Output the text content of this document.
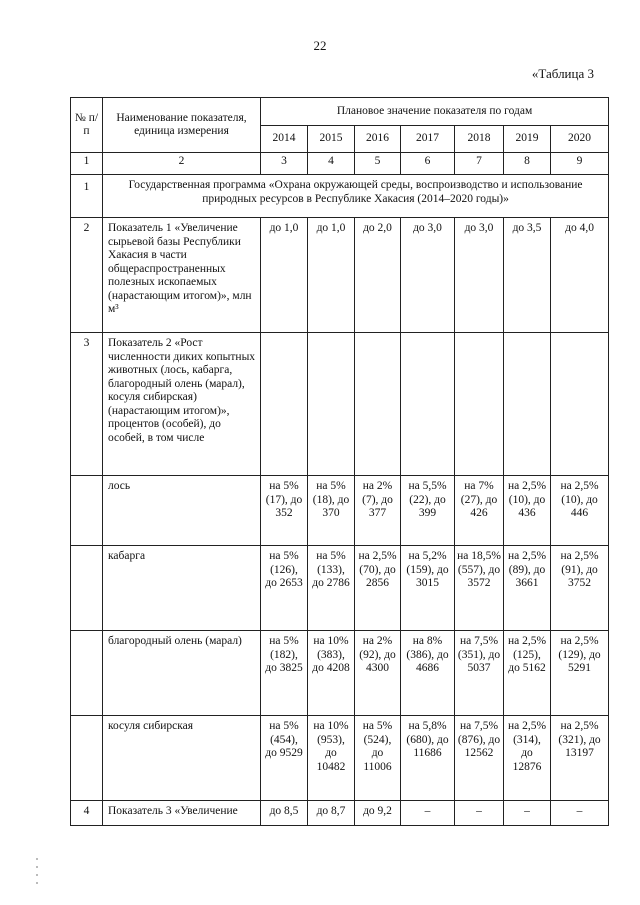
22
«Таблица 3
№ п/п	Наименование показателя, единица измерения	Плановое значение показателя по годам						
		2014	2015	2016	2017	2018	2019	2020
1	2	3	4	5	6	7	8	9
1	Государственная программа «Охрана окружающей среды, воспроизводство и использование природных ресурсов в Республике Хакасия (2014–2020 годы)»							
2	Показатель 1 «Увеличение сырьевой базы Республики Хакасия в части общераспространенных полезных ископаемых (нарастающим итогом)», млн м³	до 1,0	до 1,0	до 2,0	до 3,0	до 3,0	до 3,5	до 4,0
3	Показатель 2 «Рост численности диких копытных животных (лось, кабарга, благородный олень (марал), косуля сибирская) (нарастающим итогом)», процентов (особей), до особей, в том числе							
	лось	на 5% (17), до 352	на 5% (18), до 370	на 2% (7), до 377	на 5,5% (22), до 399	на 7% (27), до 426	на 2,5% (10), до 436	на 2,5% (10), до 446
	кабарга	на 5% (126), до 2653	на 5% (133), до 2786	на 2,5% (70), до 2856	на 5,2% (159), до 3015	на 18,5% (557), до 3572	на 2,5% (89), до 3661	на 2,5% (91), до 3752
	благородный олень (марал)	на 5% (182), до 3825	на 10% (383), до 4208	на 2% (92), до 4300	на 8% (386), до 4686	на 7,5% (351), до 5037	на 2,5% (125), до 5162	на 2,5% (129), до 5291
	косуля сибирская	на 5% (454), до 9529	на 10% (953), до 10482	на 5% (524), до 11006	на 5,8% (680), до 11686	на 7,5% (876), до 12562	на 2,5% (314), до 12876	на 2,5% (321), до 13197
4	Показатель 3 «Увеличение	до 8,5	до 8,7	до 9,2	–	–	–	–
